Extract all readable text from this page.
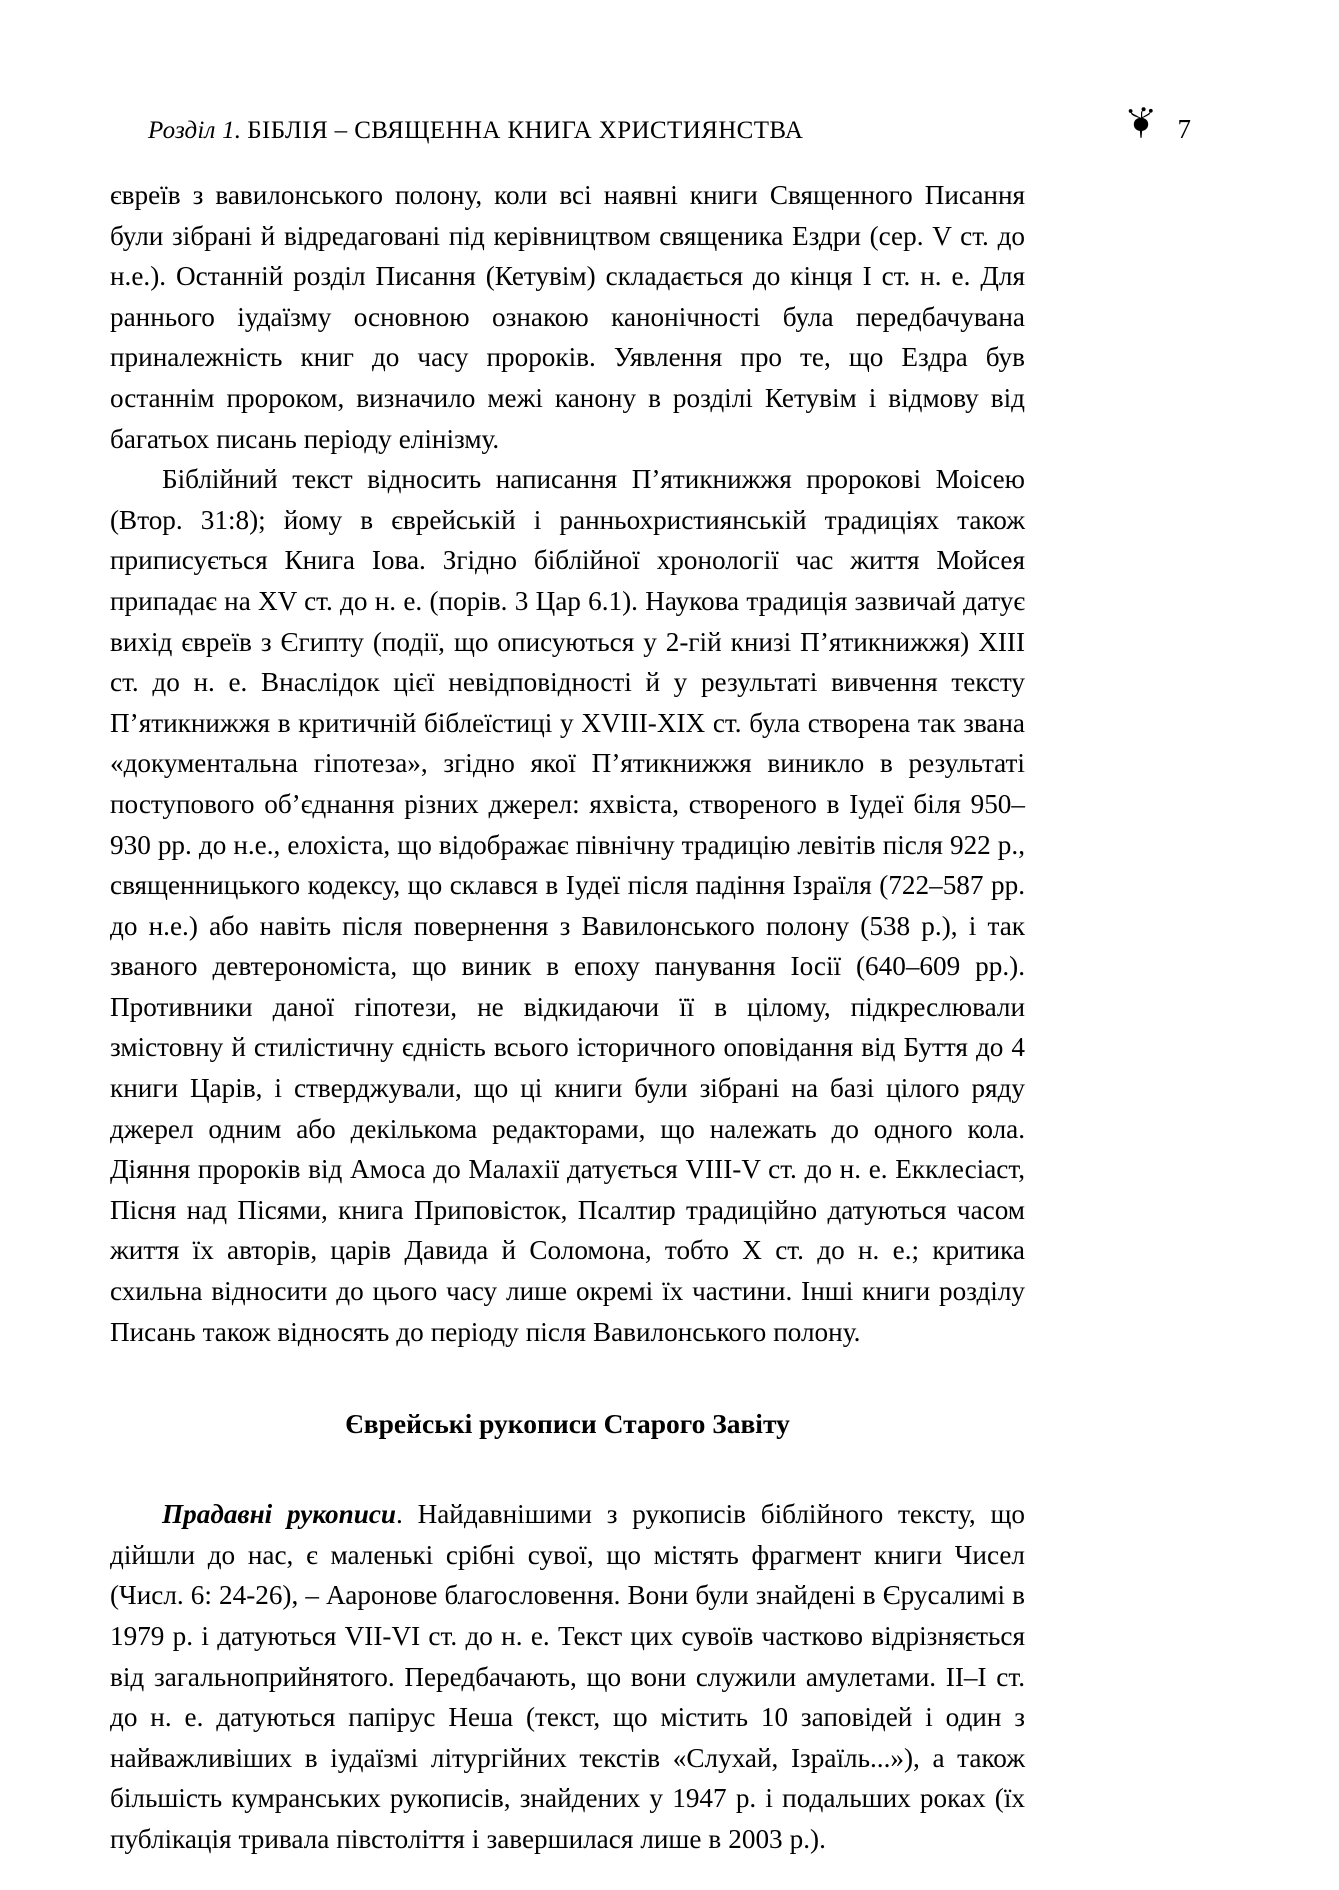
Розділ 1. БІБЛІЯ – СВЯЩЕННА КНИГА ХРИСТИЯНСТВА	7

євреїв з вавилонського полону, коли всі наявні книги Священного Писання були зібрані й відредаговані під керівництвом священика Ездри (сер. V ст. до н.е.). Останній розділ Писання (Кетувім) складається до кінця I ст. н. е. Для раннього іудаїзму основною ознакою канонічності була передбачувана приналежність книг до часу пророків. Уявлення про те, що Ездра був останнім пророком, визначило межі канону в розділі Кетувім і відмову від багатьох писань періоду елінізму.

Біблійний текст відносить написання П’ятикнижжя пророкові Моісею (Втор. 31:8); йому в єврейській і ранньохристиянській традиціях також приписується Книга Іова. Згідно біблійної хронології час життя Мойсея припадає на XV ст. до н. е. (порів. 3 Цар 6.1). Наукова традиція зазвичай датує вихід євреїв з Єгипту (події, що описуються у 2-гій книзі П’ятикнижжя) XIII ст. до н. е. Внаслідок цієї невідповідності й у результаті вивчення тексту П’ятикнижжя в критичній біблеїстиці у XVIII-XIX ст. була створена так звана «документальна гіпотеза», згідно якої П’ятикнижжя виникло в результаті поступового об’єднання різних джерел: яхвіста, створеного в Іудеї біля 950–930 рр. до н.е., елохіста, що відображає північну традицію левітів після 922 р., священницького кодексу, що склався в Іудеї після падіння Ізраїля (722–587 рр. до н.е.) або навіть після повернення з Вавилонського полону (538 р.), і так званого девтерономіста, що виник в епоху панування Іосії (640–609 рр.). Противники даної гіпотези, не відкидаючи її в цілому, підкреслювали змістовну й стилістичну єдність всього історичного оповідання від Буття до 4 книги Царів, і стверджували, що ці книги були зібрані на базі цілого ряду джерел одним або декількома редакторами, що належать до одного кола. Діяння пророків від Амоса до Малахії датується VIII-V ст. до н. е. Екклесіаст, Пісня над Пісями, книга Приповісток, Псалтир традиційно датуються часом життя їх авторів, царів Давида й Соломона, тобто X ст. до н. е.; критика схильна відносити до цього часу лише окремі їх частини. Інші книги розділу Писань також відносять до періоду після Вавилонського полону.

Єврейські рукописи Старого Завіту

Прадавні рукописи. Найдавнішими з рукописів біблійного тексту, що дійшли до нас, є маленькі срібні сувої, що містять фрагмент книги Чисел (Числ. 6: 24-26), – Ааронове благословення. Вони були знайдені в Єрусалимі в 1979 р. і датуються VII-VI ст. до н. е. Текст цих сувоїв частково відрізняється від загальноприйнятого. Передбачають, що вони служили амулетами. II–I ст. до н. е. датуються папірус Неша (текст, що містить 10 заповідей і один з найважливіших в іудаїзмі літургійних текстів «Слухай, Ізраїль...»), а також більшість кумранських рукописів, знайдених у 1947 р. і подальших роках (їх публікація тривала півстоліття і завершилася лише в 2003 р.).
